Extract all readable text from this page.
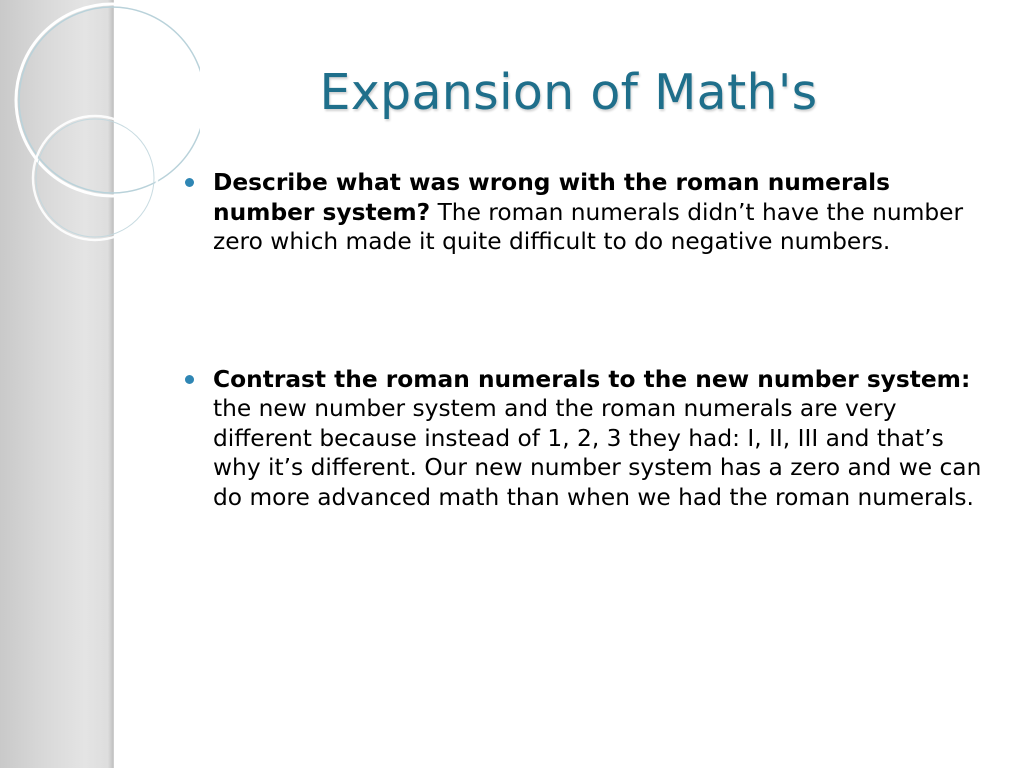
Expansion of Math's
Describe what was wrong with the roman numerals number system? The roman numerals didn’t have the number zero which made it quite difficult to do negative numbers.
Contrast the roman numerals to the new number system: the new number system and the roman numerals are very different because instead of 1, 2, 3 they had: I, II, III and that’s why it’s different. Our new number system has a zero and we can do more advanced math than when we had the roman numerals.
